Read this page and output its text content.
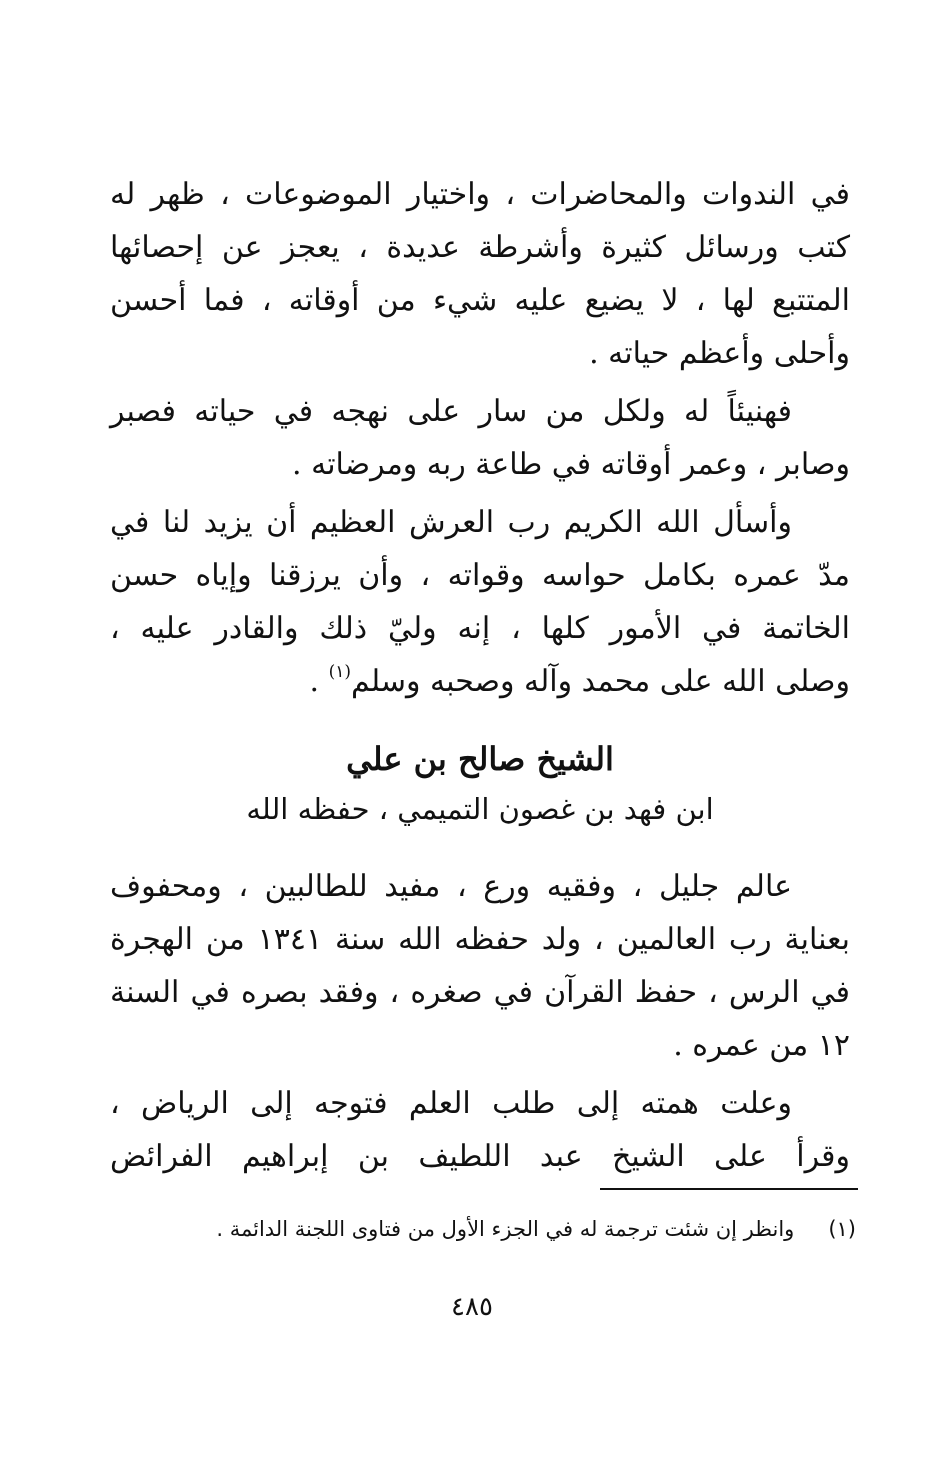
في الندوات والمحاضرات ، واختيار الموضوعات ، ظهر له
كتب ورسائل كثيرة وأشرطة عديدة ، يعجز عن إحصائها
المتتبع لها ، لا يضيع عليه شيء من أوقاته ، فما أحسن
وأحلى وأعظم حياته .

فهنيئاً له ولكل من سار على نهجه في حياته فصبر
وصابر ، وعمر أوقاته في طاعة ربه ومرضاته .

وأسأل الله الكريم رب العرش العظيم أن يزيد لنا في
مدّ عمره بكامل حواسه وقواته ، وأن يرزقنا وإياه حسن
الخاتمة في الأمور كلها ، إنه وليّ ذلك والقادر عليه ،
وصلى الله على محمد وآله وصحبه وسلم$^{(١)}$ .

الشيخ صالح بن علي
ابن فهد بن غصون التميمي ، حفظه الله

عالم جليل ، وفقيه ورع ، مفيد للطالبين ، ومحفوف
بعناية رب العالمين ، ولد حفظه الله سنة ١٣٤١ من الهجرة
في الرس ، حفظ القرآن في صغره ، وفقد بصره في السنة
١٢ من عمره .

وعلت همته إلى طلب العلم فتوجه إلى الرياض ،
وقرأ على الشيخ عبد اللطيف بن إبراهيم الفرائض

(١)وانظر إن شئت ترجمة له في الجزء الأول من فتاوى اللجنة الدائمة .
٤٨٥
